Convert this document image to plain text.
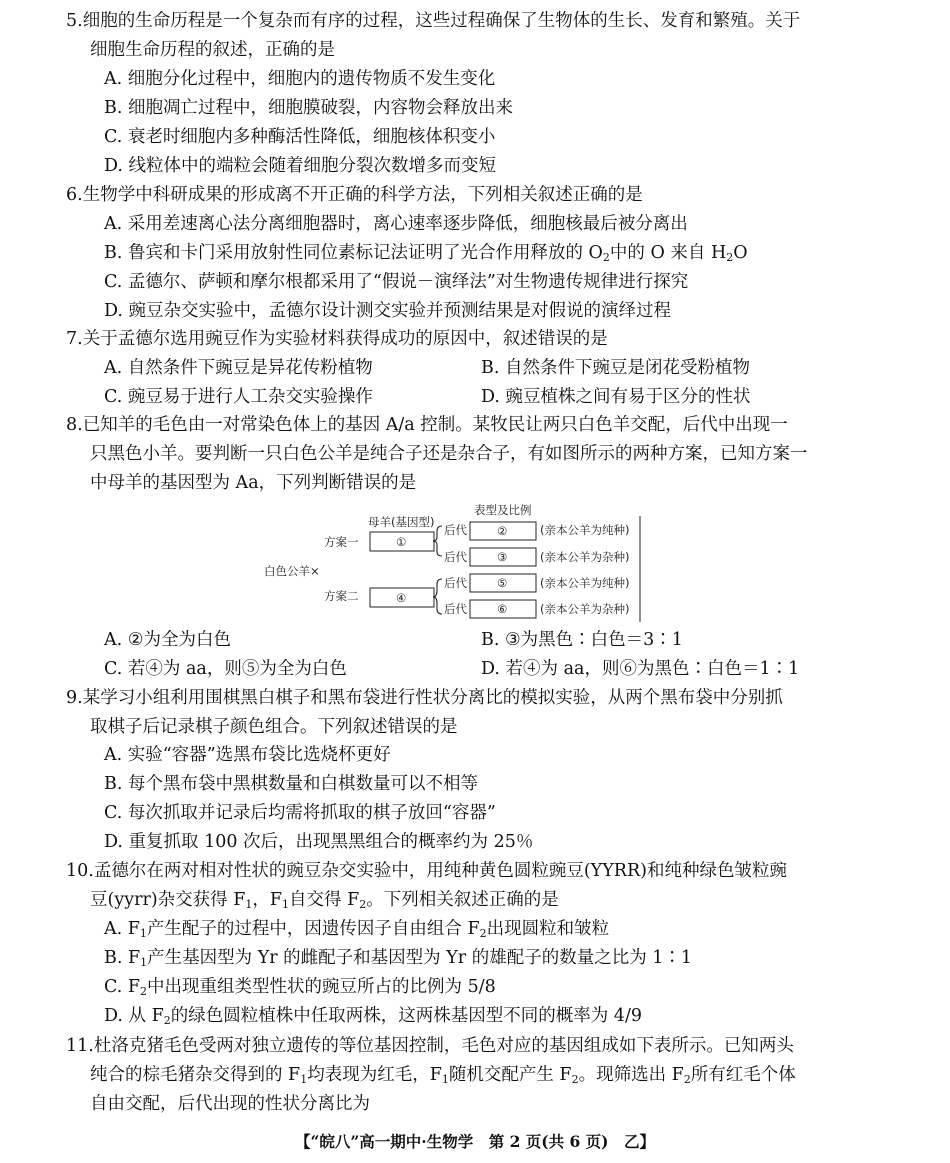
5.细胞的生命历程是一个复杂而有序的过程，这些过程确保了生物体的生长、发育和繁殖。关于
细胞生命历程的叙述，正确的是
A. 细胞分化过程中，细胞内的遗传物质不发生变化
B. 细胞凋亡过程中，细胞膜破裂，内容物会释放出来
C. 衰老时细胞内多种酶活性降低，细胞核体积变小
D. 线粒体中的端粒会随着细胞分裂次数增多而变短
6.生物学中科研成果的形成离不开正确的科学方法，下列相关叙述正确的是
A. 采用差速离心法分离细胞器时，离心速率逐步降低，细胞核最后被分离出
B. 鲁宾和卡门采用放射性同位素标记法证明了光合作用释放的 $O_2$中的 O 来自 $H_2O$
C. 孟德尔、萨顿和摩尔根都采用了“假说－演绎法”对生物遗传规律进行探究
D. 豌豆杂交实验中，孟德尔设计测交实验并预测结果是对假说的演绎过程
7.关于孟德尔选用豌豆作为实验材料获得成功的原因中，叙述错误的是
A. 自然条件下豌豆是异花传粉植物	B. 自然条件下豌豆是闭花受粉植物
C. 豌豆易于进行人工杂交实验操作	D. 豌豆植株之间有易于区分的性状
8.已知羊的毛色由一对常染色体上的基因 A/a 控制。某牧民让两只白色羊交配，后代中出现一
只黑色小羊。要判断一只白色公羊是纯合子还是杂合子，有如图所示的两种方案，已知方案一
中母羊的基因型为 Aa，下列判断错误的是
母羊(基因型)
表型及比例
白色公羊×
方案一
方案二
①
④
后代
后代
后代
后代
②
③
⑤
⑥
(亲本公羊为纯种)
(亲本公羊为杂种)
(亲本公羊为纯种)
(亲本公羊为杂种)
A. ②为全为白色	B. ③为黑色∶白色＝3∶1
C. 若④为 aa，则⑤为全为白色	D. 若④为 aa，则⑥为黑色∶白色＝1∶1
9.某学习小组利用围棋黑白棋子和黑布袋进行性状分离比的模拟实验，从两个黑布袋中分别抓
取棋子后记录棋子颜色组合。下列叙述错误的是
A. 实验“容器”选黑布袋比选烧杯更好
B. 每个黑布袋中黑棋数量和白棋数量可以不相等
C. 每次抓取并记录后均需将抓取的棋子放回“容器”
D. 重复抓取 100 次后，出现黑黑组合的概率约为 25％
10.孟德尔在两对相对性状的豌豆杂交实验中，用纯种黄色圆粒豌豆(YYRR)和纯种绿色皱粒豌
豆(yyrr)杂交获得 $F_1$，$F_1$自交得 $F_2$。下列相关叙述正确的是
A. $F_1$产生配子的过程中，因遗传因子自由组合 $F_2$出现圆粒和皱粒
B. $F_1$产生基因型为 Yr 的雌配子和基因型为 Yr 的雄配子的数量之比为 1∶1
C. $F_2$中出现重组类型性状的豌豆所占的比例为 5/8
D. 从 $F_2$的绿色圆粒植株中任取两株，这两株基因型不同的概率为 4/9
11.杜洛克猪毛色受两对独立遗传的等位基因控制，毛色对应的基因组成如下表所示。已知两头
纯合的棕毛猪杂交得到的 $F_1$均表现为红毛，$F_1$随机交配产生 $F_2$。现筛选出 $F_2$所有红毛个体
自由交配，后代出现的性状分离比为
【“皖八”高一期中·生物学　第 2 页(共 6 页)　乙】
